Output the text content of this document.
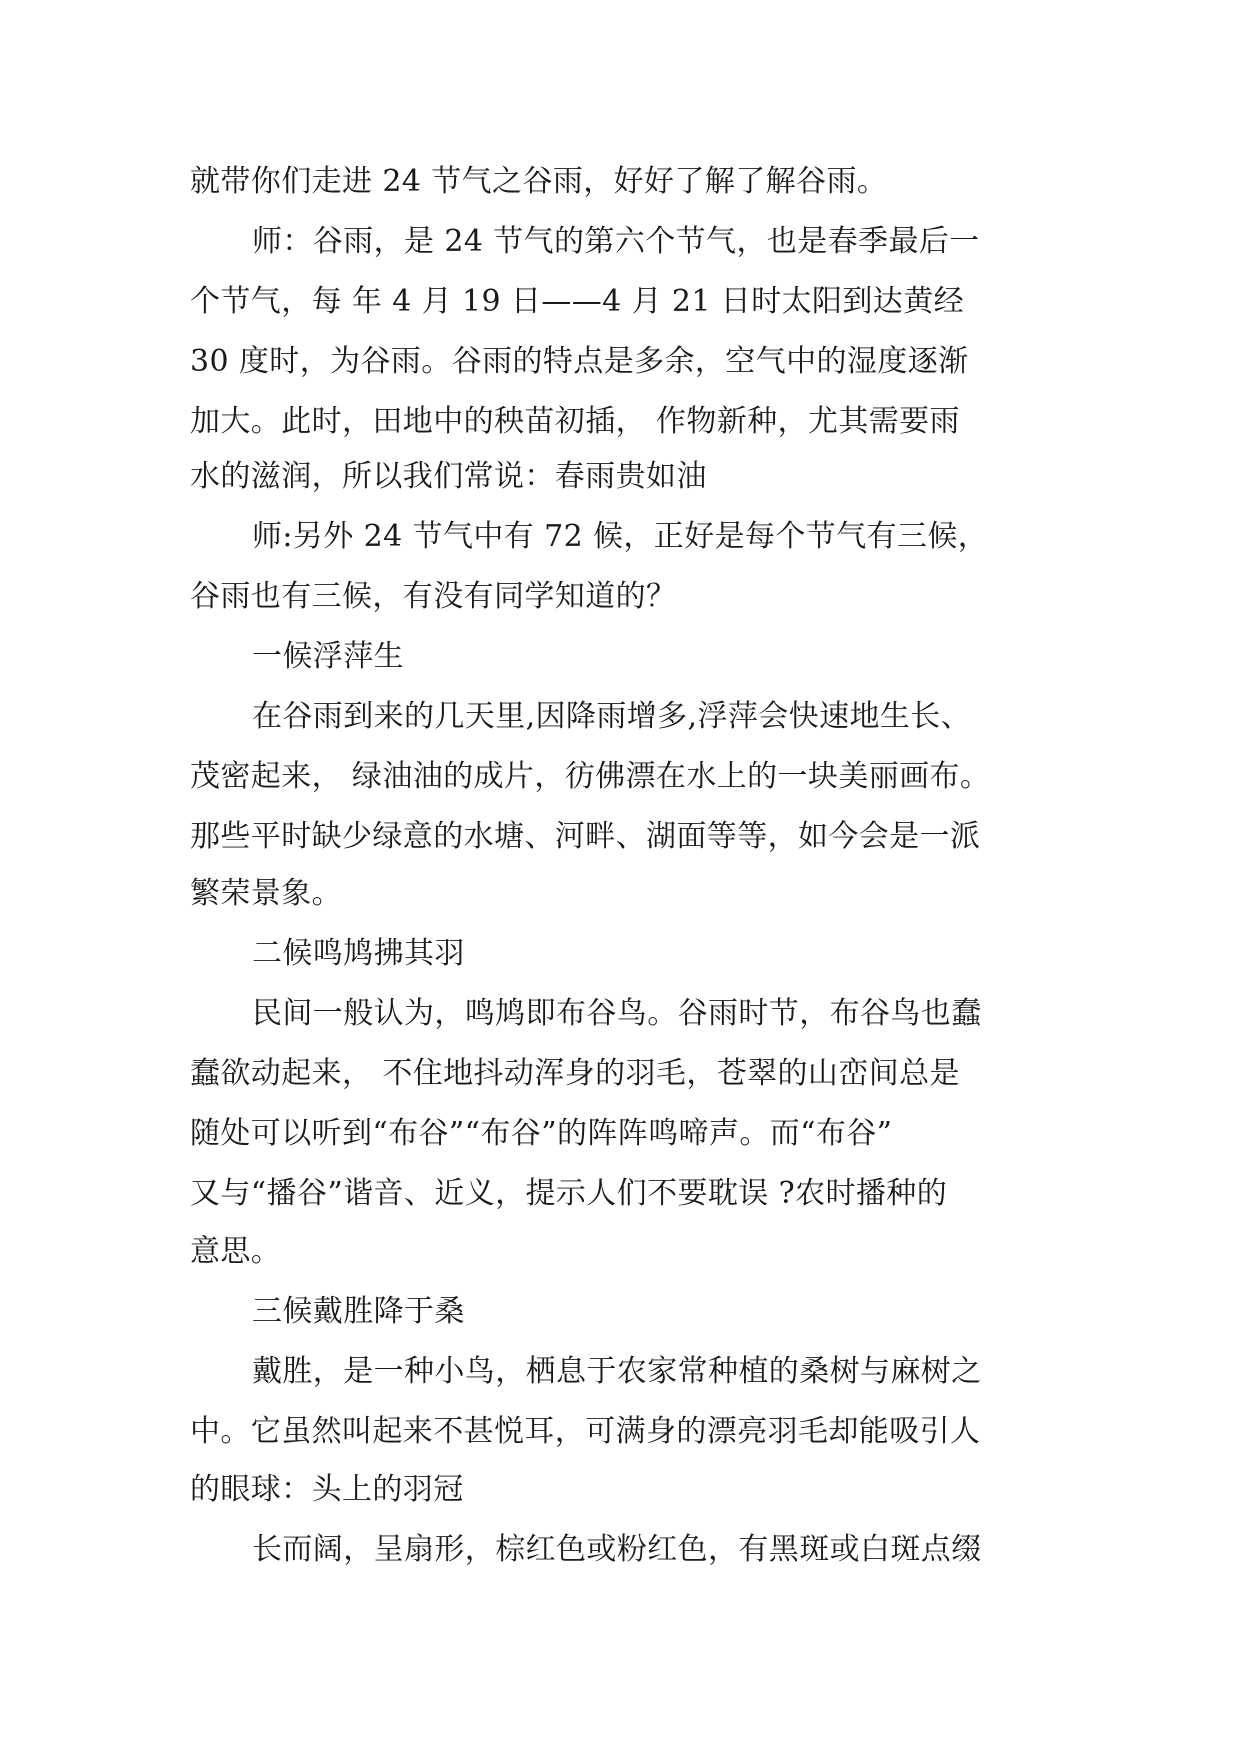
就带你们走进 24 节气之谷雨，好好了解了解谷雨。
师：谷雨，是 24 节气的第六个节气，也是春季最后一
个节气，每 年 4 月 19 日——4 月 21 日时太阳到达黄经
30 度时，为谷雨。谷雨的特点是多余，空气中的湿度逐渐
加大。此时，田地中的秧苗初插， 作物新种，尤其需要雨
水的滋润，所以我们常说：春雨贵如油
师:另外 24 节气中有 72 候，正好是每个节气有三候，
谷雨也有三候，有没有同学知道的？
一候浮萍生
在谷雨到来的几天里,因降雨增多,浮萍会快速地生长、
茂密起来， 绿油油的成片，彷佛漂在水上的一块美丽画布。
那些平时缺少绿意的水塘、河畔、湖面等等，如今会是一派
繁荣景象。
二候鸣鸠拂其羽
民间一般认为，鸣鸠即布谷鸟。谷雨时节，布谷鸟也蠢
蠢欲动起来， 不住地抖动浑身的羽毛，苍翠的山峦间总是
随处可以听到“布谷”“布谷”的阵阵鸣啼声。而“布谷”
又与“播谷”谐音、近义，提示人们不要耽误 ?农时播种的
意思。
三候戴胜降于桑
戴胜，是一种小鸟，栖息于农家常种植的桑树与麻树之
中。它虽然叫起来不甚悦耳，可满身的漂亮羽毛却能吸引人
的眼球：头上的羽冠
长而阔，呈扇形，棕红色或粉红色，有黑斑或白斑点缀
